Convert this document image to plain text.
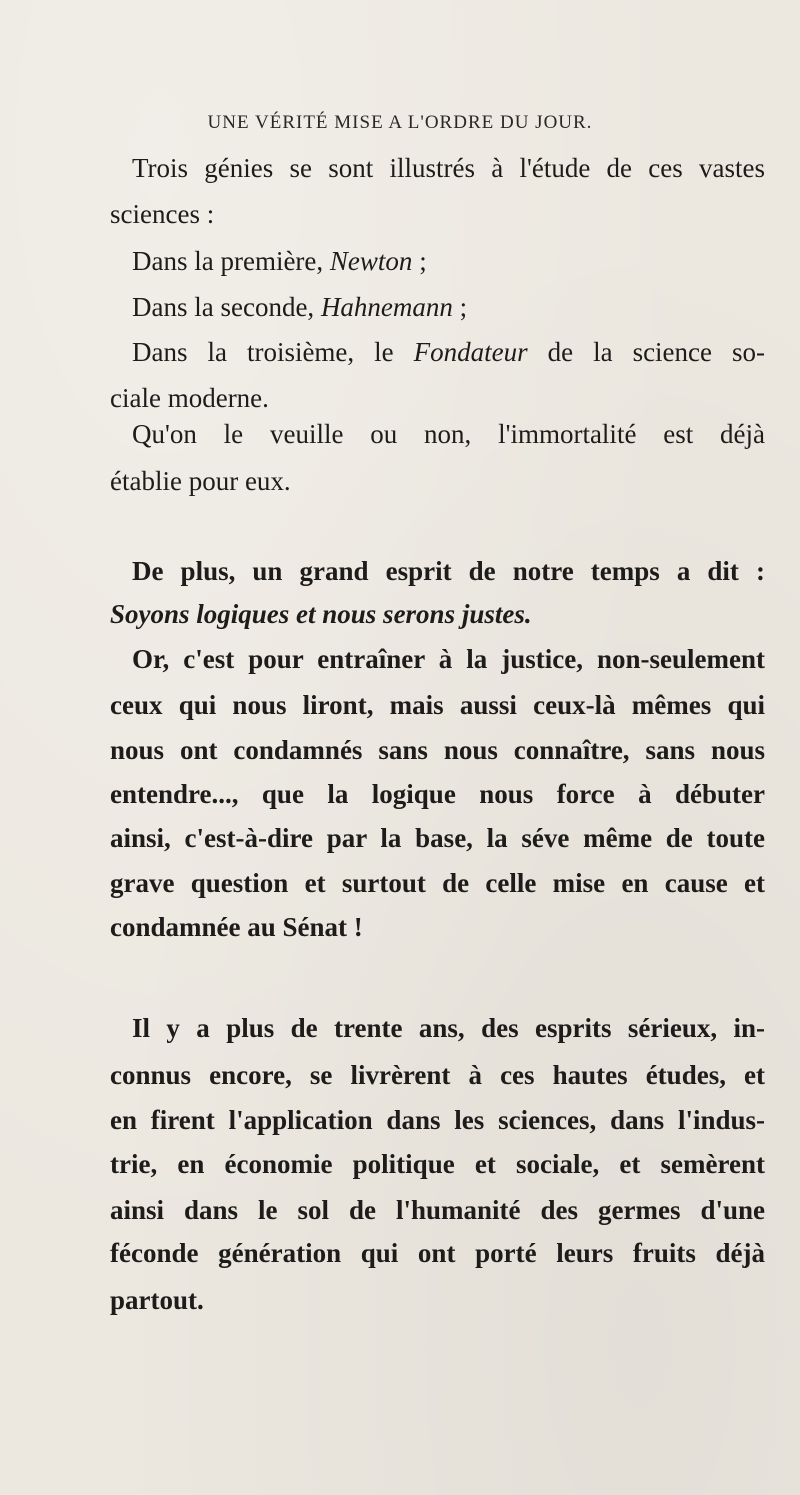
UNE VÉRITÉ MISE A L'ORDRE DU JOUR.
Trois génies se sont illustrés à l'étude de ces vastes
sciences :
Dans la première, Newton ;
Dans la seconde, Hahnemann ;
Dans la troisième, le Fondateur de la science so-
ciale moderne.
Qu'on le veuille ou non, l'immortalité est déjà
établie pour eux.
De plus, un grand esprit de notre temps a dit :
Soyons logiques et nous serons justes.
Or, c'est pour entraîner à la justice, non-seulement
ceux qui nous liront, mais aussi ceux-là mêmes qui
nous ont condamnés sans nous connaître, sans nous
entendre..., que la logique nous force à débuter
ainsi, c'est-à-dire par la base, la séve même de toute
grave question et surtout de celle mise en cause et
condamnée au Sénat !
Il y a plus de trente ans, des esprits sérieux, in-
connus encore, se livrèrent à ces hautes études, et
en firent l'application dans les sciences, dans l'indus-
trie, en économie politique et sociale, et semèrent
ainsi dans le sol de l'humanité des germes d'une
féconde génération qui ont porté leurs fruits déjà
partout.
